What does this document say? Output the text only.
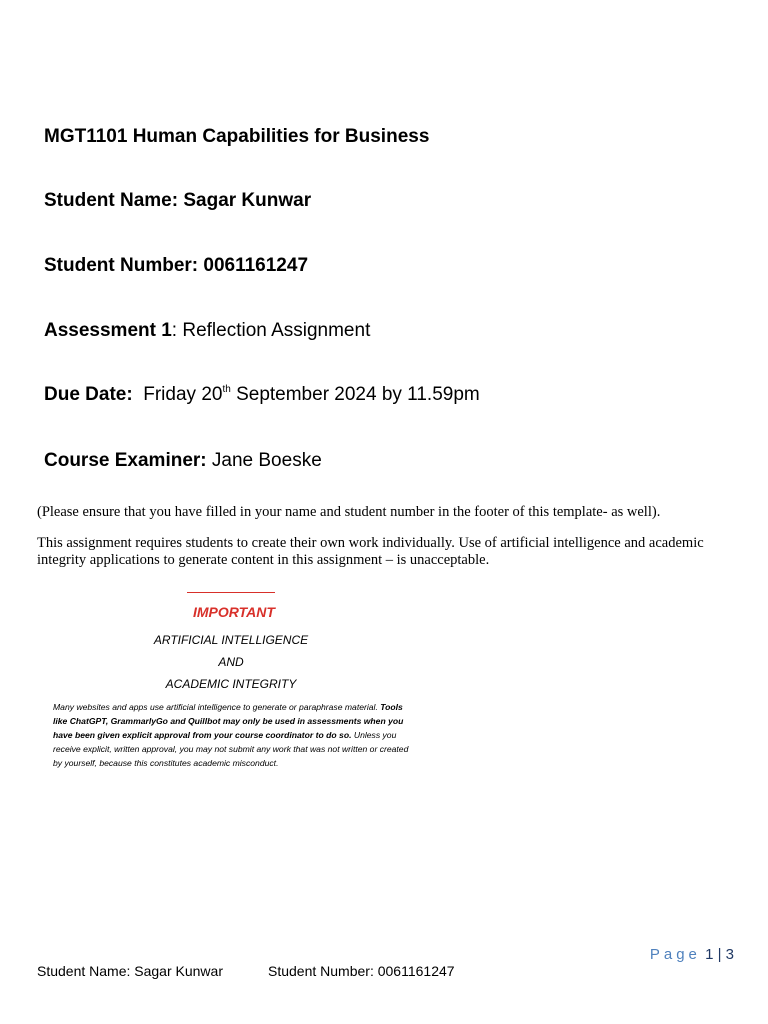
MGT1101 Human Capabilities for Business
Student Name: Sagar Kunwar
Student Number: 0061161247
Assessment 1: Reflection Assignment
Due Date: Friday 20th September 2024 by 11.59pm
Course Examiner: Jane Boeske
(Please ensure that you have filled in your name and student number in the footer of this template- as well).
This assignment requires students to create their own work individually. Use of artificial intelligence and academic integrity applications to generate content in this assignment – is unacceptable.
IMPORTANT
ARTIFICIAL INTELLIGENCE
AND
ACADEMIC INTEGRITY
Many websites and apps use artificial intelligence to generate or paraphrase material. Tools like ChatGPT, GrammarlyGo and Quillbot may only be used in assessments when you have been given explicit approval from your course coordinator to do so. Unless you receive explicit, written approval, you may not submit any work that was not written or created by yourself, because this constitutes academic misconduct.
Page 1 | 3
Student Name: Sagar Kunwar	Student Number: 0061161247
